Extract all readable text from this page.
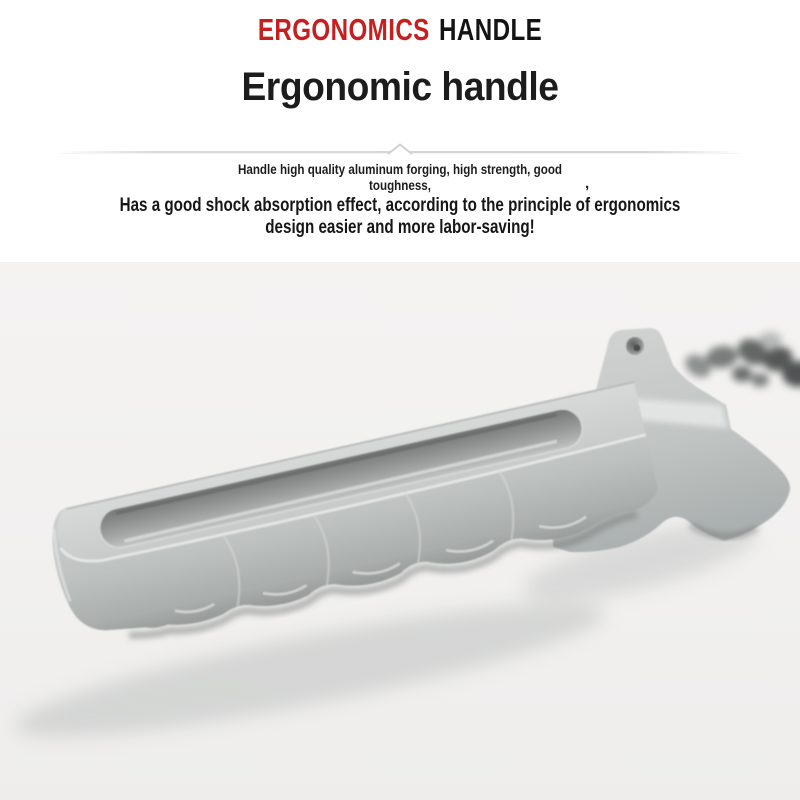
ERGONOMICS HANDLE
Ergonomic handle
Handle high quality aluminum forging, high strength, good
toughness,	,
Has a good shock absorption effect, according to the principle of ergonomics
design easier and more labor-saving!
